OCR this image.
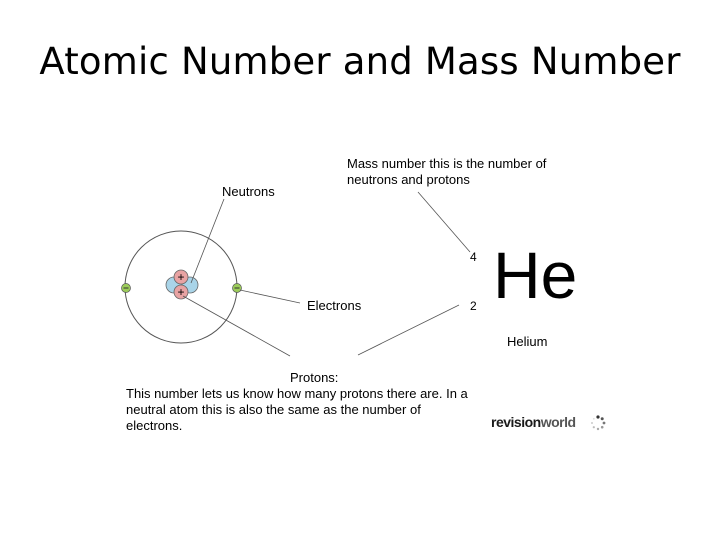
Atomic Number and Mass Number
+
+
Mass number this is the number of
neutrons and protons
Neutrons
Electrons
4
2 He
Helium
Protons:
This number lets us know how many protons there are. In a
neutral atom this is also the same as the number of
electrons.	revisionworld
